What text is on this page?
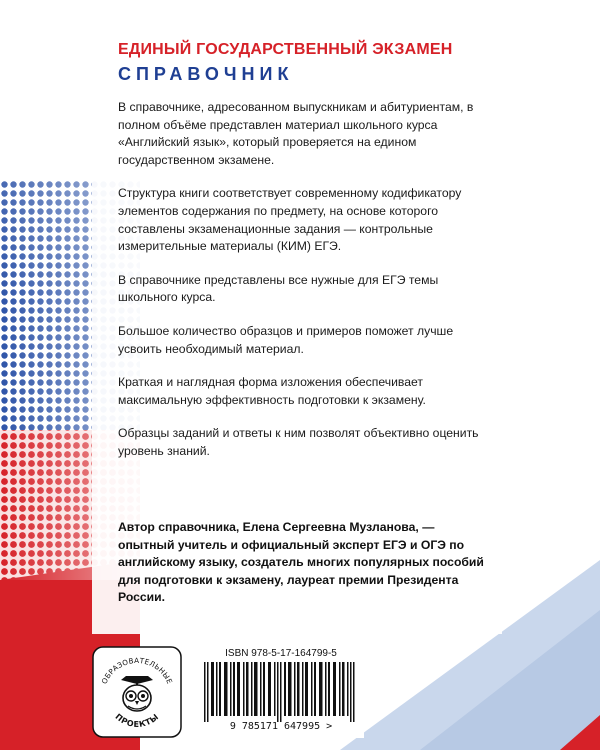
ЕДИНЫЙ ГОСУДАРСТВЕННЫЙ ЭКЗАМЕН
СПРАВОЧНИК

В справочнике, адресованном выпускникам и абитуриентам, в полном объёме представлен материал школьного курса «Английский язык», который проверяется на едином государственном экзамене.

Структура книги соответствует современному кодификатору элементов содержания по предмету, на основе которого составлены экзаменационные задания — контрольные измерительные материалы (КИМ) ЕГЭ.

В справочнике представлены все нужные для ЕГЭ темы школьного курса.

Большое количество образцов и примеров поможет лучше усвоить необходимый материал.

Краткая и наглядная форма изложения обеспечивает максимальную эффективность подготовки к экзамену.

Образцы заданий и ответы к ним позволят объективно оценить уровень знаний.

Автор справочника, Елена Сергеевна Музланова, — опытный учитель и официальный эксперт ЕГЭ и ОГЭ по английскому языку, создатель многих популярных пособий для подготовки к экзамену, лауреат премии Президента России.
ОБРАЗОВАТЕЛЬНЫЕ
ПРОЕКТЫ
ISBN 978-5-17-164799-5
9 785171 647995 >
